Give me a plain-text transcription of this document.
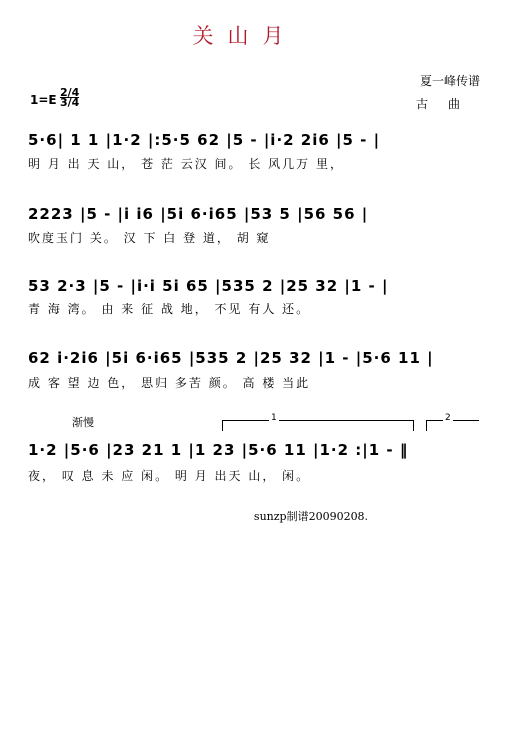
关山月
夏一峰传谱
古曲
1=E
2/4
3/4
5·6| 1 1 |1·2 |:5·5 62 |5 - |i·2 2i6 |5 - |
明 月 出 天 山， 苍 茫 云汉 间。 长 风几万 里，
2223 |5 - |i i6 |5i 6·i65 |53 5 |56 56 |
吹度玉门 关。 汉 下 白 登 道， 胡 窥
53 2·3 |5 - |i·i 5i 65 |535 2 |25 32 |1 - |
青 海 湾。 由 来 征 战 地， 不见 有人 还。
62 i·2i6 |5i 6·i65 |535 2 |25 32 |1 - |5·6 11 |
成 客 望 边 色， 思归 多苦 颜。 高 楼 当此
渐慢	1	2
1·2 |5·6 |23 21 1 |1 23 |5·6 11 |1·2 :|1 - ‖
夜， 叹 息 未 应 闲。 明 月 出天 山， 闲。
sunzp制谱20090208.
